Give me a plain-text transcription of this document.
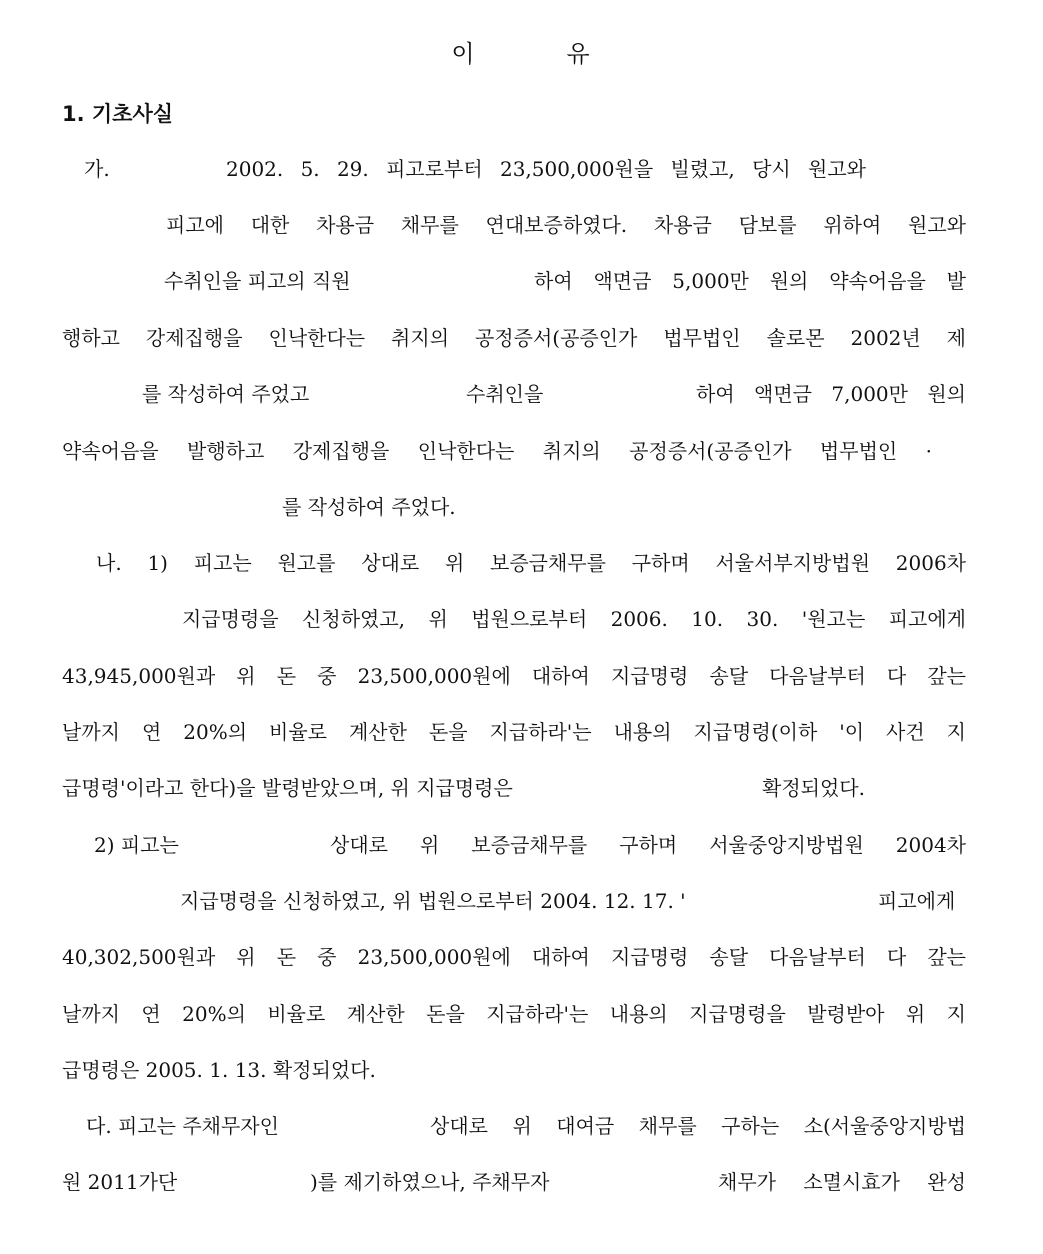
이	유
1. 기초사실
가.	2002. 5. 29. 피고로부터 23,500,000원을 빌렸고, 당시 원고와
피고에 대한 차용금 채무를 연대보증하였다. 차용금 담보를 위하여 원고와
수취인을 피고의 직원	하여 액면금 5,000만 원의 약속어음을 발
행하고 강제집행을 인낙한다는 취지의 공정증서(공증인가 법무법인 솔로몬 2002년 제
를 작성하여 주었고	수취인을	하여 액면금 7,000만 원의
약속어음을 발행하고 강제집행을 인낙한다는 취지의 공정증서(공증인가 법무법인 ·
를 작성하여 주었다.
나. 1) 피고는 원고를 상대로 위 보증금채무를 구하며 서울서부지방법원 2006차
지급명령을 신청하였고, 위 법원으로부터 2006. 10. 30. '원고는 피고에게
43,945,000원과 위 돈 중 23,500,000원에 대하여 지급명령 송달 다음날부터 다 갚는
날까지 연 20%의 비율로 계산한 돈을 지급하라'는 내용의 지급명령(이하 '이 사건 지
급명령'이라고 한다)을 발령받았으며, 위 지급명령은	확정되었다.
2) 피고는	상대로 위 보증금채무를 구하며 서울중앙지방법원 2004차
지급명령을 신청하였고, 위 법원으로부터 2004. 12. 17. '	피고에게
40,302,500원과 위 돈 중 23,500,000원에 대하여 지급명령 송달 다음날부터 다 갚는
날까지 연 20%의 비율로 계산한 돈을 지급하라'는 내용의 지급명령을 발령받아 위 지
급명령은 2005. 1. 13. 확정되었다.
다. 피고는 주채무자인	상대로 위 대여금 채무를 구하는 소(서울중앙지방법
원 2011가단	)를 제기하였으나, 주채무자	채무가 소멸시효가 완성
